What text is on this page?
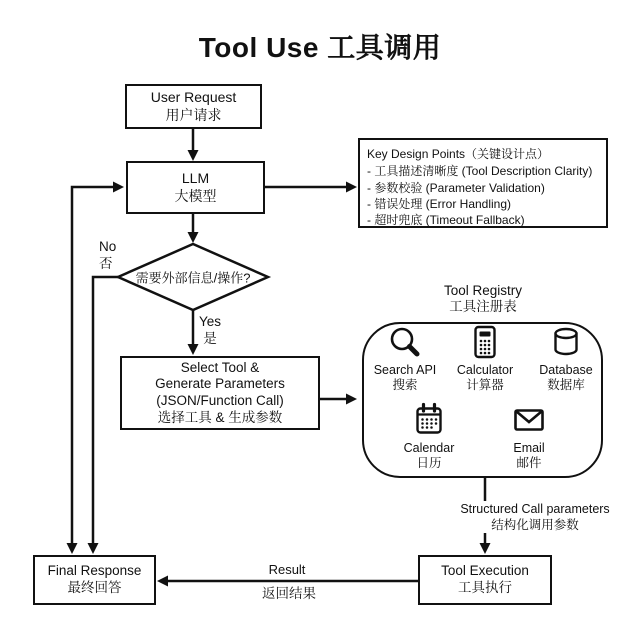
Tool Use 工具调用
User Request
用户请求
LLM
大模型
Key Design Points（关键设计点）
- 工具描述清晰度 (Tool Description Clarity)
- 参数校验 (Parameter Validation)
- 错误处理 (Error Handling)
- 超时兜底 (Timeout Fallback)
需要外部信息/操作?
No
否
Yes
是
Select Tool &
Generate Parameters
(JSON/Function Call)
选择工具 & 生成参数
Tool Registry
工具注册表
Search API
搜索
Calculator
计算器
Database
数据库
Calendar
日历
Email
邮件
Structured Call parameters
结构化调用参数
Result
返回结果
Tool Execution
工具执行
Final Response
最终回答
